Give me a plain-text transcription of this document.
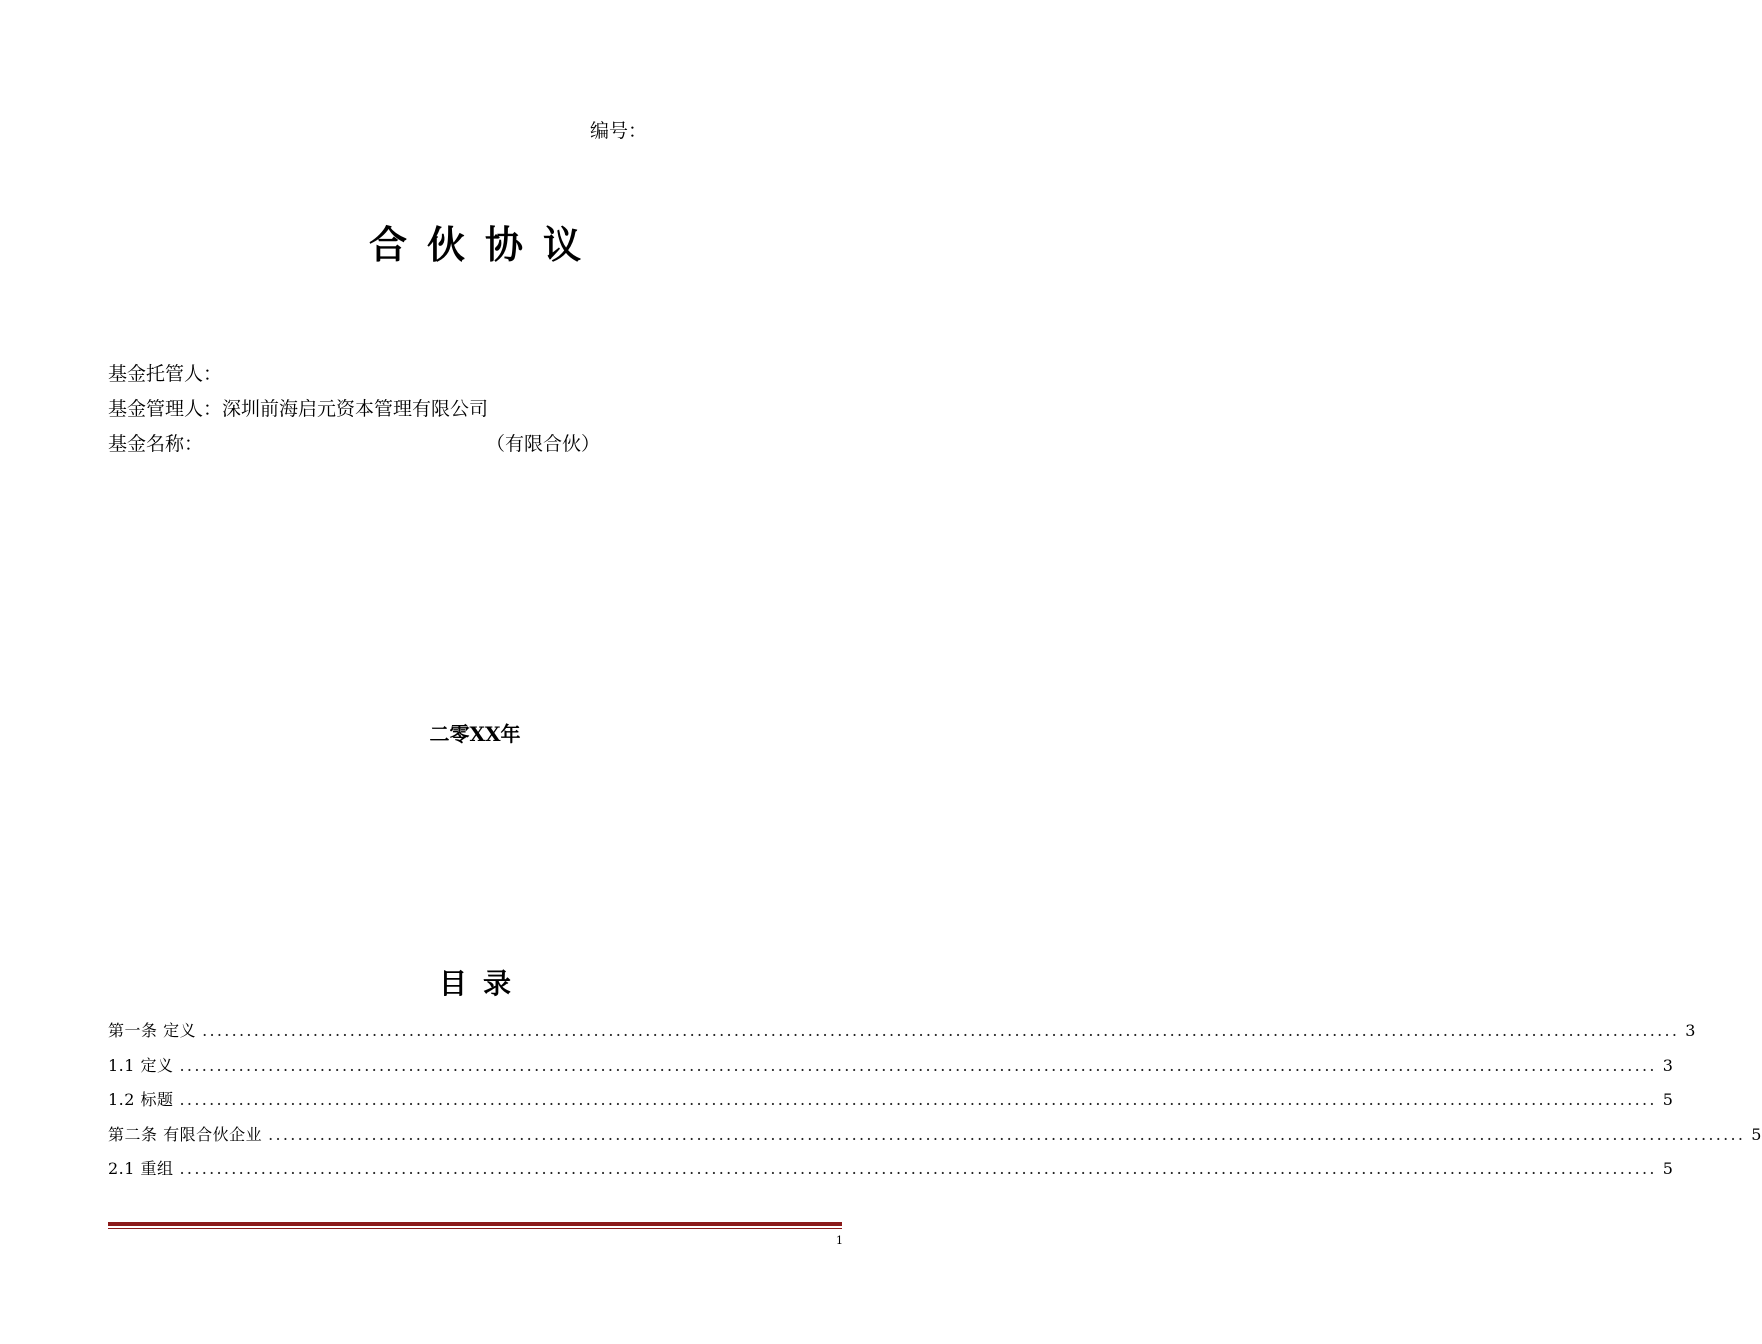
编号：
合伙协议
基金托管人：
基金管理人：深圳前海启元资本管理有限公司
基金名称：	（有限合伙）
二零XX年
目录
第一条 定义 ........................................................................................................................................................................................................ 3
1.1 定义 ........................................................................................................................................................................................................ 3
1.2 标题 ........................................................................................................................................................................................................ 5
第二条 有限合伙企业 ........................................................................................................................................................................................................ 5
2.1 重组 ........................................................................................................................................................................................................ 5
1
